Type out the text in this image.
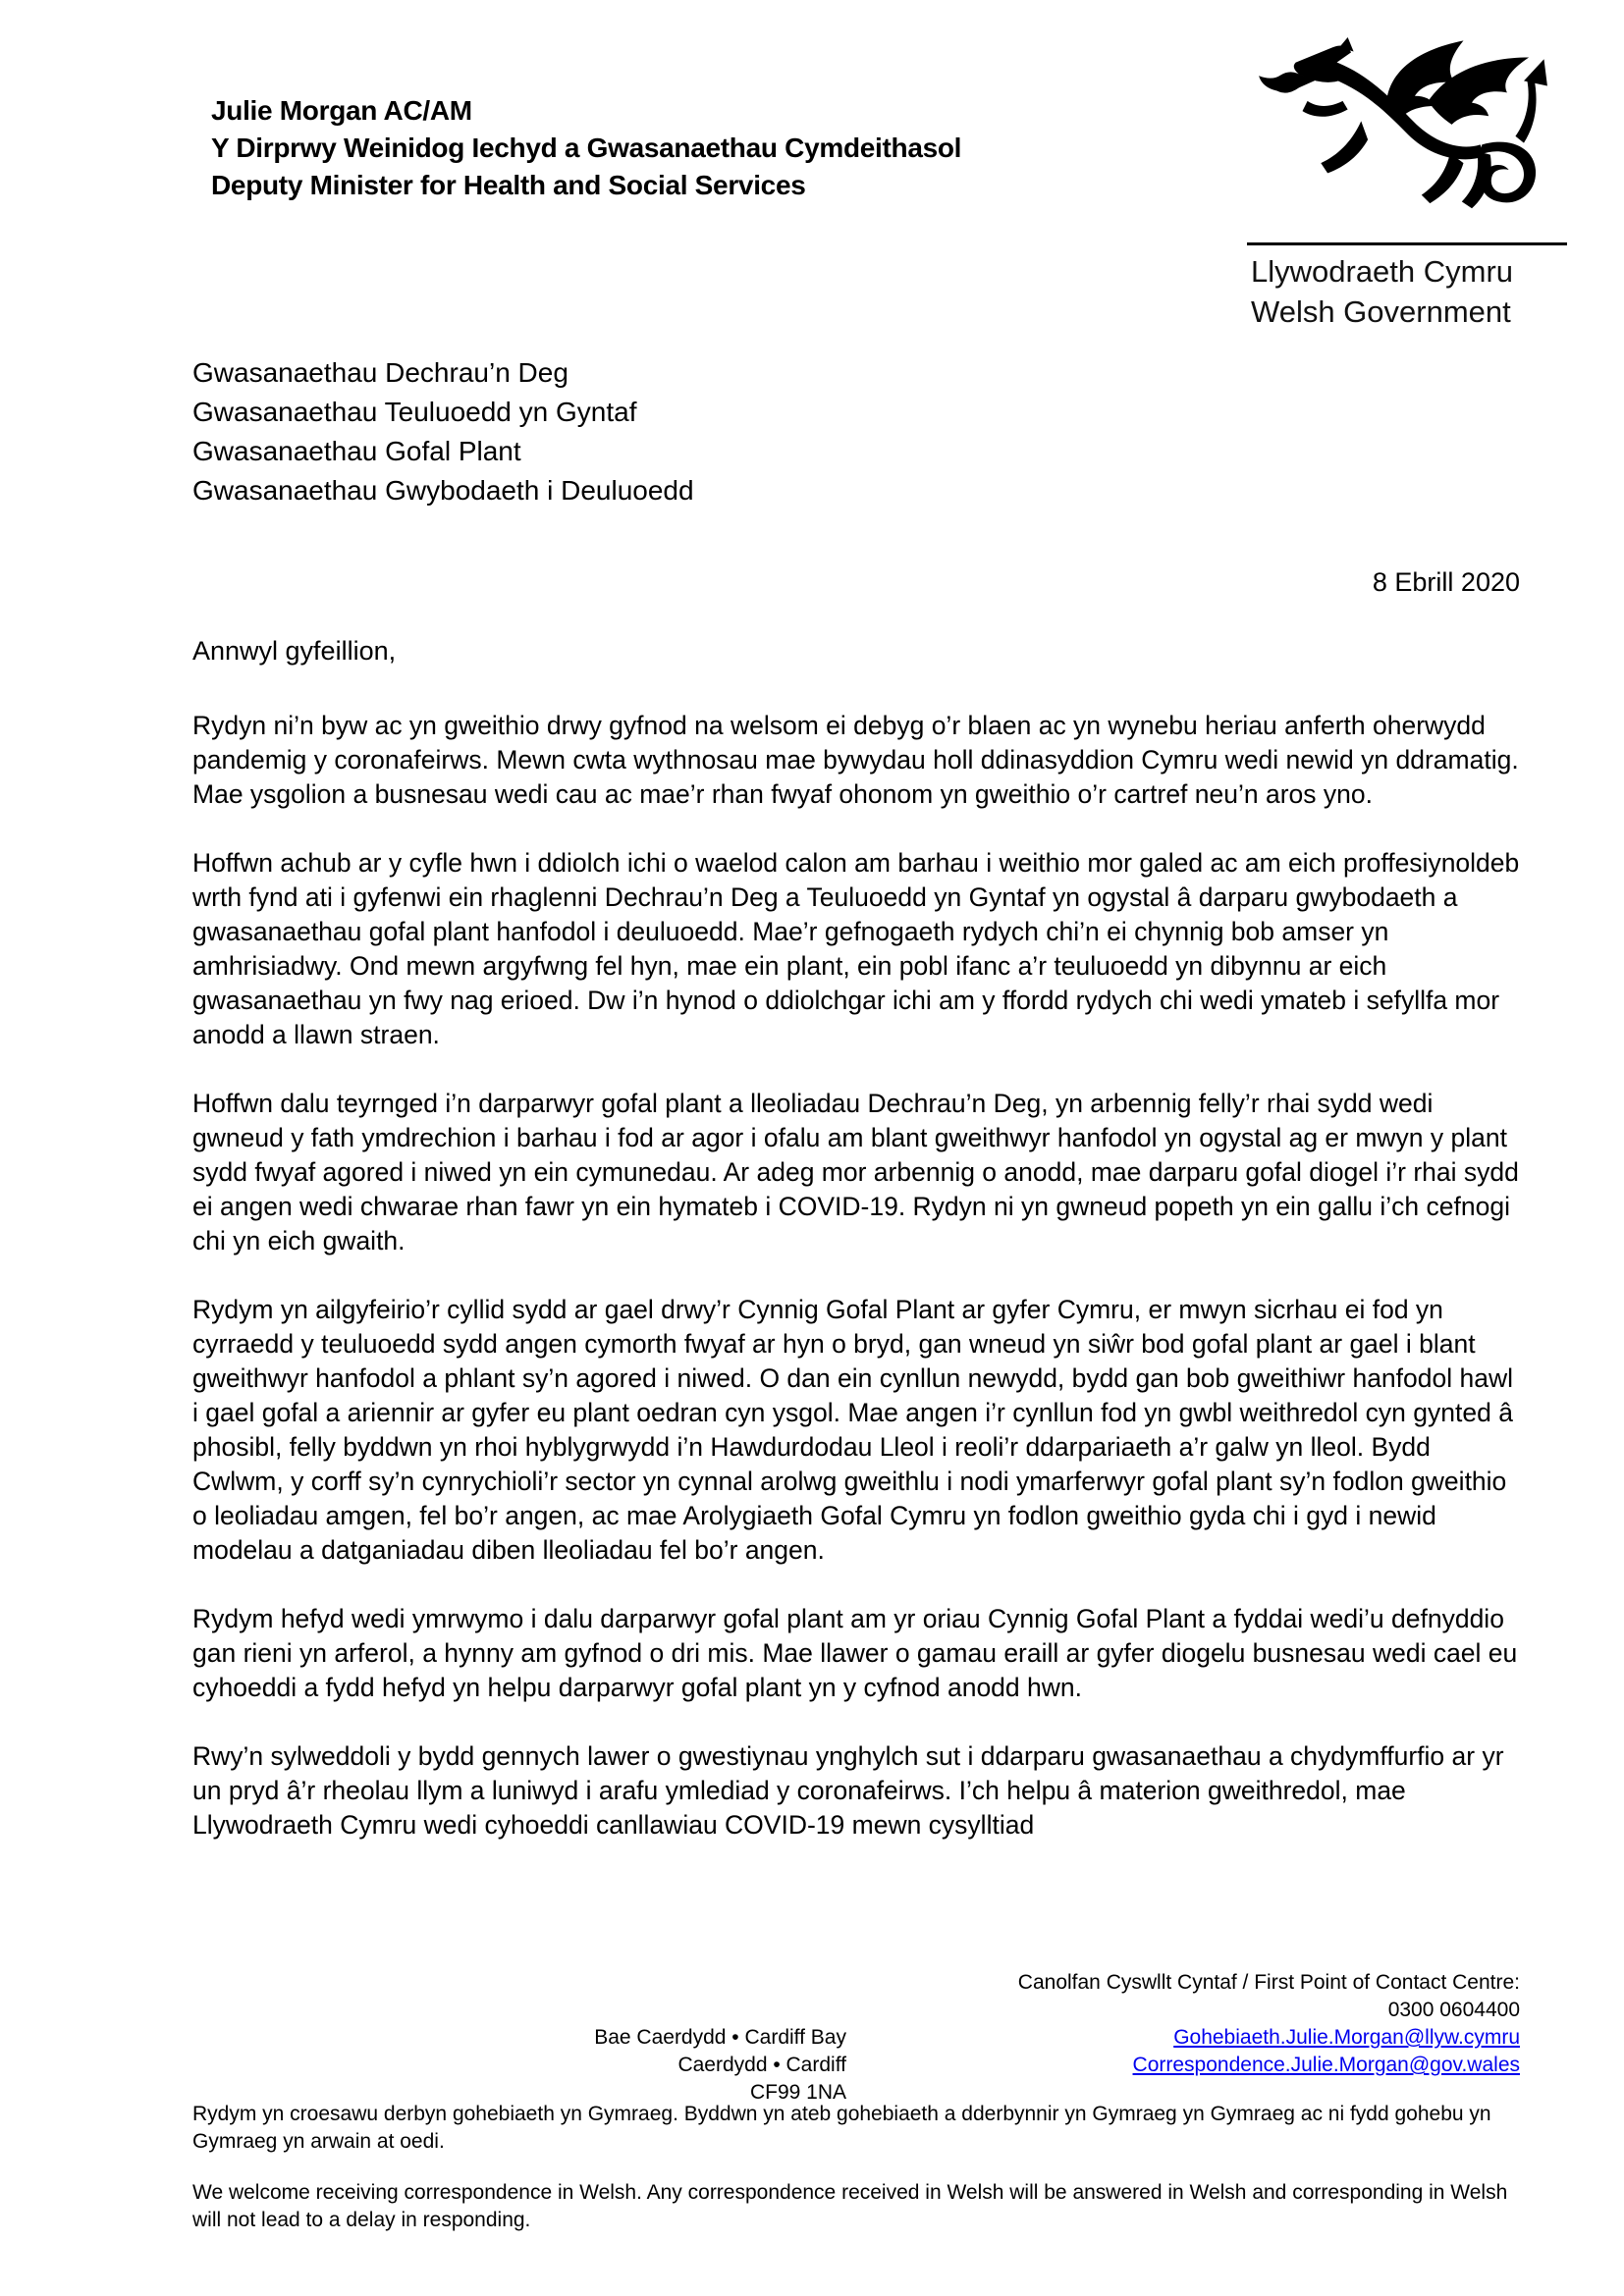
Julie Morgan AC/AM
Y Dirprwy Weinidog Iechyd a Gwasanaethau Cymdeithasol
Deputy Minister for Health and Social Services
Llywodraeth Cymru
Welsh Government
Gwasanaethau Dechrau’n Deg
Gwasanaethau Teuluoedd yn Gyntaf
Gwasanaethau Gofal Plant
Gwasanaethau Gwybodaeth i Deuluoedd
8 Ebrill 2020
Annwyl gyfeillion,

Rydyn ni’n byw ac yn gweithio drwy gyfnod na welsom ei debyg o’r blaen ac yn wynebu heriau anferth oherwydd pandemig y coronafeirws. Mewn cwta wythnosau mae bywydau holl ddinasyddion Cymru wedi newid yn ddramatig. Mae ysgolion a busnesau wedi cau ac mae’r rhan fwyaf ohonom yn gweithio o’r cartref neu’n aros yno.

Hoffwn achub ar y cyfle hwn i ddiolch ichi o waelod calon am barhau i weithio mor galed ac am eich proffesiynoldeb wrth fynd ati i gyfenwi ein rhaglenni Dechrau’n Deg a Teuluoedd yn Gyntaf yn ogystal â darparu gwybodaeth a gwasanaethau gofal plant hanfodol i deuluoedd. Mae’r gefnogaeth rydych chi’n ei chynnig bob amser yn amhrisiadwy. Ond mewn argyfwng fel hyn, mae ein plant, ein pobl ifanc a’r teuluoedd yn dibynnu ar eich gwasanaethau yn fwy nag erioed. Dw i’n hynod o ddiolchgar ichi am y ffordd rydych chi wedi ymateb i sefyllfa mor anodd a llawn straen.

Hoffwn dalu teyrnged i’n darparwyr gofal plant a lleoliadau Dechrau’n Deg, yn arbennig felly’r rhai sydd wedi gwneud y fath ymdrechion i barhau i fod ar agor i ofalu am blant gweithwyr hanfodol yn ogystal ag er mwyn y plant sydd fwyaf agored i niwed yn ein cymunedau. Ar adeg mor arbennig o anodd, mae darparu gofal diogel i’r rhai sydd ei angen wedi chwarae rhan fawr yn ein hymateb i COVID-19. Rydyn ni yn gwneud popeth yn ein gallu i’ch cefnogi chi yn eich gwaith.

Rydym yn ailgyfeirio’r cyllid sydd ar gael drwy’r Cynnig Gofal Plant ar gyfer Cymru, er mwyn sicrhau ei fod yn cyrraedd y teuluoedd sydd angen cymorth fwyaf ar hyn o bryd, gan wneud yn siŵr bod gofal plant ar gael i blant gweithwyr hanfodol a phlant sy’n agored i niwed. O dan ein cynllun newydd, bydd gan bob gweithiwr hanfodol hawl i gael gofal a ariennir ar gyfer eu plant oedran cyn ysgol. Mae angen i’r cynllun fod yn gwbl weithredol cyn gynted â phosibl, felly byddwn yn rhoi hyblygrwydd i’n Hawdurdodau Lleol i reoli’r ddarpariaeth a’r galw yn lleol. Bydd Cwlwm, y corff sy’n cynrychioli’r sector yn cynnal arolwg gweithlu i nodi ymarferwyr gofal plant sy’n fodlon gweithio o leoliadau amgen, fel bo’r angen, ac mae Arolygiaeth Gofal Cymru yn fodlon gweithio gyda chi i gyd i newid modelau a datganiadau diben lleoliadau fel bo’r angen.

Rydym hefyd wedi ymrwymo i dalu darparwyr gofal plant am yr oriau Cynnig Gofal Plant a fyddai wedi’u defnyddio gan rieni yn arferol, a hynny am gyfnod o dri mis. Mae llawer o gamau eraill ar gyfer diogelu busnesau wedi cael eu cyhoeddi a fydd hefyd yn helpu darparwyr gofal plant yn y cyfnod anodd hwn.

Rwy’n sylweddoli y bydd gennych lawer o gwestiynau ynghylch sut i ddarparu gwasanaethau a chydymffurfio ar yr un pryd â’r rheolau llym a luniwyd i arafu ymlediad y coronafeirws. I’ch helpu â materion gweithredol, mae Llywodraeth Cymru wedi cyhoeddi canllawiau COVID-19 mewn cysylltiad

Canolfan Cyswllt Cyntaf / First Point of Contact Centre:
0300 0604400
Gohebiaeth.Julie.Morgan@llyw.cymru
Correspondence.Julie.Morgan@gov.wales
Bae Caerdydd • Cardiff Bay
Caerdydd • Cardiff
CF99 1NA
Rydym yn croesawu derbyn gohebiaeth yn Gymraeg. Byddwn yn ateb gohebiaeth a dderbynnir yn Gymraeg yn Gymraeg ac ni fydd gohebu yn Gymraeg yn arwain at oedi.
We welcome receiving correspondence in Welsh. Any correspondence received in Welsh will be answered in Welsh and corresponding in Welsh will not lead to a delay in responding.
